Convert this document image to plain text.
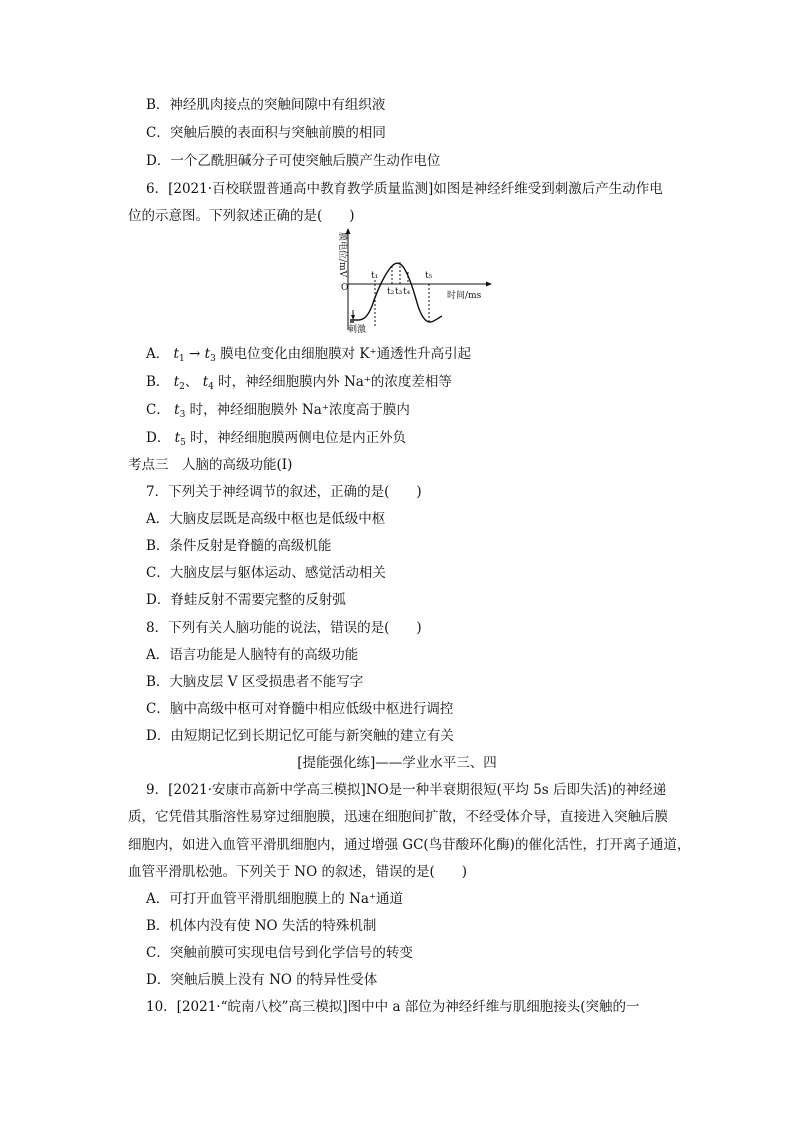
B．神经肌肉接点的突触间隙中有组织液
C．突触后膜的表面积与突触前膜的相同
D．一个乙酰胆碱分子可使突触后膜产生动作电位
6．[2021·百校联盟普通高中教育教学质量监测]如图是神经纤维受到刺激后产生动作电
位的示意图。下列叙述正确的是(　　)
膜电位/mV
O
时间/ms
刺激
t₁
t₂ t₃ t₄
t₅
A． $t_1 \to t_3$ 膜电位变化由细胞膜对 K⁺通透性升高引起
B． $t_2$、 $t_4$ 时，神经细胞膜内外 Na⁺的浓度差相等
C． $t_3$ 时，神经细胞膜外 Na⁺浓度高于膜内
D． $t_5$ 时，神经细胞膜两侧电位是内正外负
考点三　人脑的高级功能(Ⅰ)
7．下列关于神经调节的叙述，正确的是(　　)
A．大脑皮层既是高级中枢也是低级中枢
B．条件反射是脊髓的高级机能
C．大脑皮层与躯体运动、感觉活动相关
D．脊蛙反射不需要完整的反射弧
8．下列有关人脑功能的说法，错误的是(　　)
A．语言功能是人脑特有的高级功能
B．大脑皮层 V 区受损患者不能写字
C．脑中高级中枢可对脊髓中相应低级中枢进行调控
D．由短期记忆到长期记忆可能与新突触的建立有关
[提能强化练]——学业水平三、四
9．[2021·安康市高新中学高三模拟]NO是一种半衰期很短(平均 5s 后即失活)的神经递
质，它凭借其脂溶性易穿过细胞膜，迅速在细胞间扩散，不经受体介导，直接进入突触后膜
细胞内，如进入血管平滑肌细胞内，通过增强 GC(鸟苷酸环化酶)的催化活性，打开离子通道，
血管平滑肌松弛。下列关于 NO 的叙述，错误的是(　　)
A．可打开血管平滑肌细胞膜上的 Na⁺通道
B．机体内没有使 NO 失活的特殊机制
C．突触前膜可实现电信号到化学信号的转变
D．突触后膜上没有 NO 的特异性受体
10．[2021·“皖南八校”高三模拟]图中中 a 部位为神经纤维与肌细胞接头(突触的一
